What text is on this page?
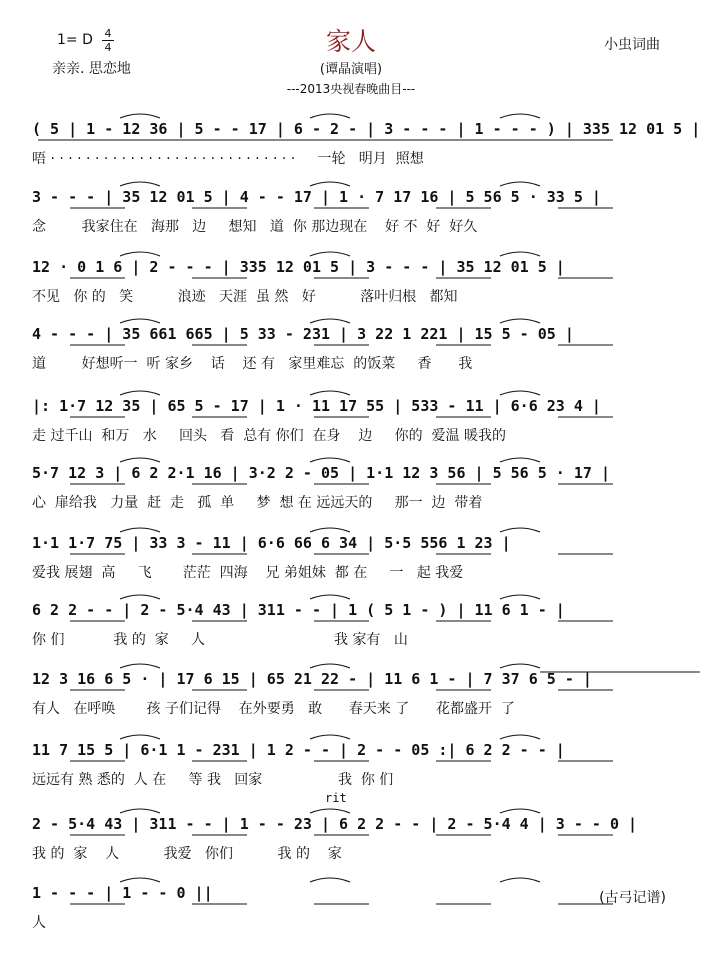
家人
1= D 4
4	小虫词曲
亲亲. 思恋地	(谭晶演唱)
---2013央视春晚曲目---
( 5 | 1 - 12 36 | 5 - - 17 | 6 - 2 - | 3 - - - | 1 - - - ) | 335 12 01 5 |
唔 · · · · · · · · · · · · · · · · · · · · · · · · · · · ·     一轮   明月  照想
3 - - - | 35 12 01 5 | 4 - - 17 | 1 · 7 17 16 | 5 56 5 · 33 5 |
念        我家住在   海那   边     想知   道  你 那边现在    好 不  好  好久
12 · 0 1 6 | 2 - - - | 335 12 01 5 | 3 - - - | 35 12 01 5 |
不见   你 的   笑          浪迹   天涯  虽 然   好          落叶归根   都知
4 - - - | 35 661 665 | 5 33 - 231 | 3 22 1 221 | 15 5 - 05 |
道        好想听一  听 家乡    话    还 有   家里难忘  的饭菜     香      我
|: 1·7 12 35 | 65 5 - 17 | 1 · 11 17 55 | 533 - 11 | 6·6 23 4 |
走 过千山  和万   水     回头   看  总有 你们  在身    边     你的  爱温 暖我的
5·7 12 3 | 6 2 2·1 16 | 3·2 2 - 05 | 1·1 12 3 56 | 5 56 5 · 17 |
心  扉给我   力量  赶  走   孤  单     梦  想 在 远远天的     那一  边  带着
1·1 1·7 75 | 33 3 - 11 | 6·6 66 6 34 | 5·5 556 1 23 |
爱我 展翅  高     飞       茫茫  四海    兄 弟姐妹  都 在     一   起 我爱
6 2 2 - - | 2 - 5·4 43 | 311 - - | 1 ( 5 1 - ) | 11 6 1 - |
你 们           我 的  家     人                             我 家有   山
12 3 16 6 5 · | 17 6 15 | 65 21 22 - | 11 6 1 - | 7 37 6 5 - |
有人   在呼唤       孩 子们记得    在外要勇   敢      春天来 了      花都盛开  了
11 7 15 5 | 6·1 1 - 231 | 1 2 - - | 2 - - 05 :| 6 2 2 - - |
远远有 熟 悉的  人 在     等 我   回家                 我  你 们
2 - 5·4 43 | 311 - - | 1 - - 23 | 6 2 2 - - | 2 - 5·4 4 | 3 - - 0 |
我 的  家    人          我爱   你们          我 的    家
1 - - - | 1 - - 0 ||
人
rit
(古弓记谱)
